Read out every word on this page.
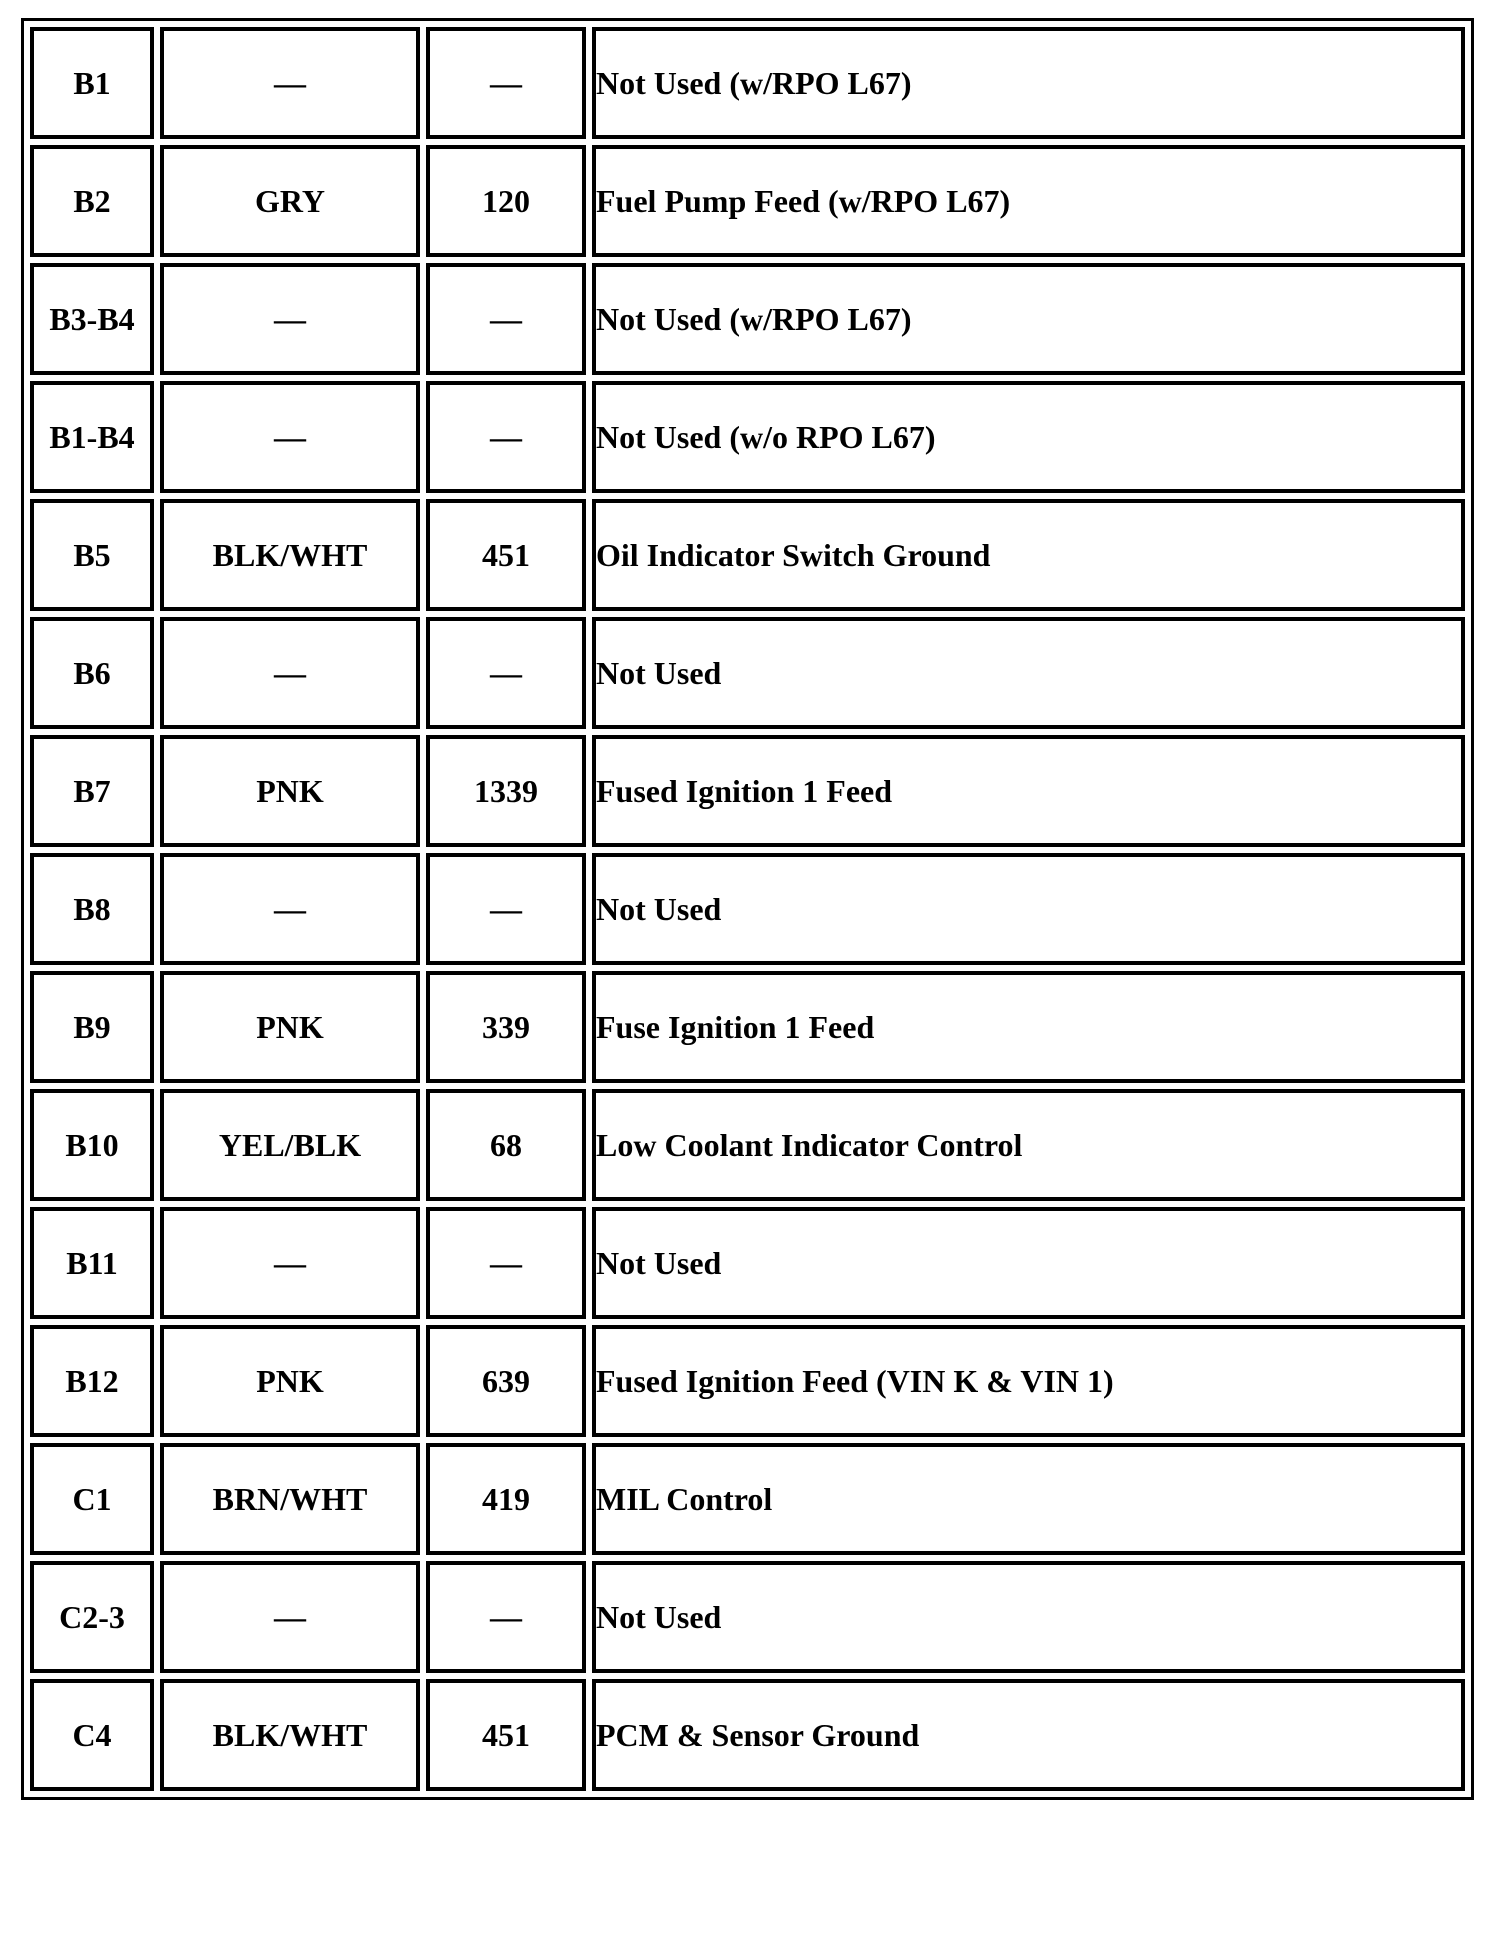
B1	—	—	Not Used (w/RPO L67)
B2	GRY	120	Fuel Pump Feed (w/RPO L67)
B3-B4	—	—	Not Used (w/RPO L67)
B1-B4	—	—	Not Used (w/o RPO L67)
B5	BLK/WHT	451	Oil Indicator Switch Ground
B6	—	—	Not Used
B7	PNK	1339	Fused Ignition 1 Feed
B8	—	—	Not Used
B9	PNK	339	Fuse Ignition 1 Feed
B10	YEL/BLK	68	Low Coolant Indicator Control
B11	—	—	Not Used
B12	PNK	639	Fused Ignition Feed (VIN K & VIN 1)
C1	BRN/WHT	419	MIL Control
C2-3	—	—	Not Used
C4	BLK/WHT	451	PCM & Sensor Ground
